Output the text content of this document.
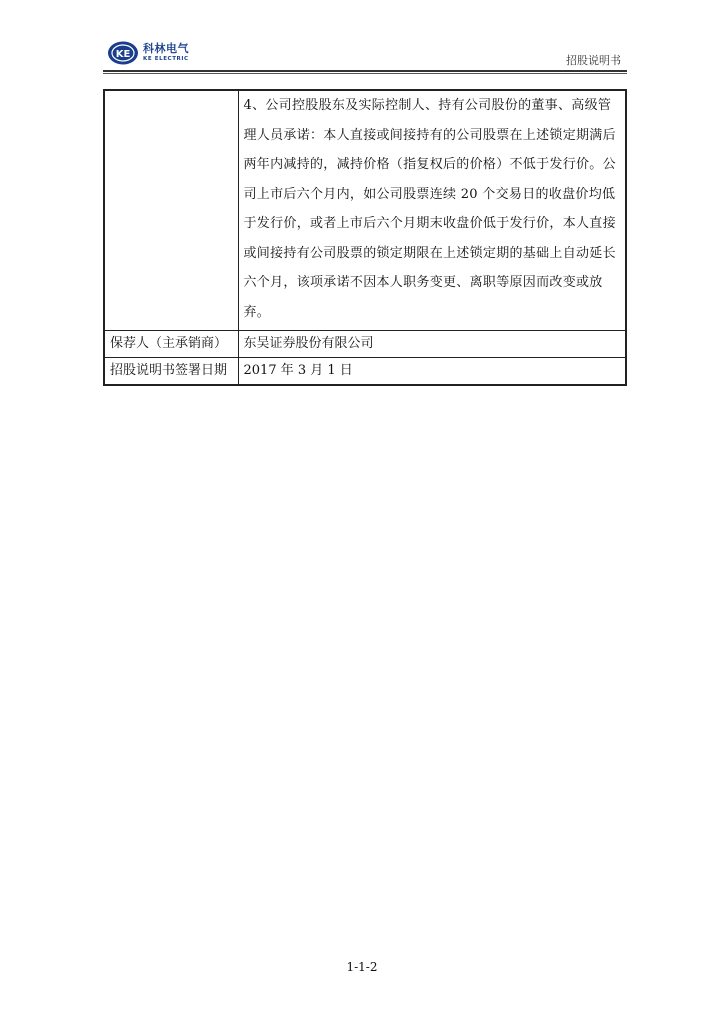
KE 科林电气
KE ELECTRIC	招股说明书
	4、公司控股股东及实际控制人、持有公司股份的董事、高级管理人员承诺：本人直接或间接持有的公司股票在上述锁定期满后两年内减持的，减持价格（指复权后的价格）不低于发行价。公司上市后六个月内，如公司股票连续 20 个交易日的收盘价均低于发行价，或者上市后六个月期末收盘价低于发行价，本人直接或间接持有公司股票的锁定期限在上述锁定期的基础上自动延长六个月，该项承诺不因本人职务变更、离职等原因而改变或放弃。
保荐人（主承销商）	东吴证券股份有限公司
招股说明书签署日期	2017 年 3 月 1 日
1-1-2
